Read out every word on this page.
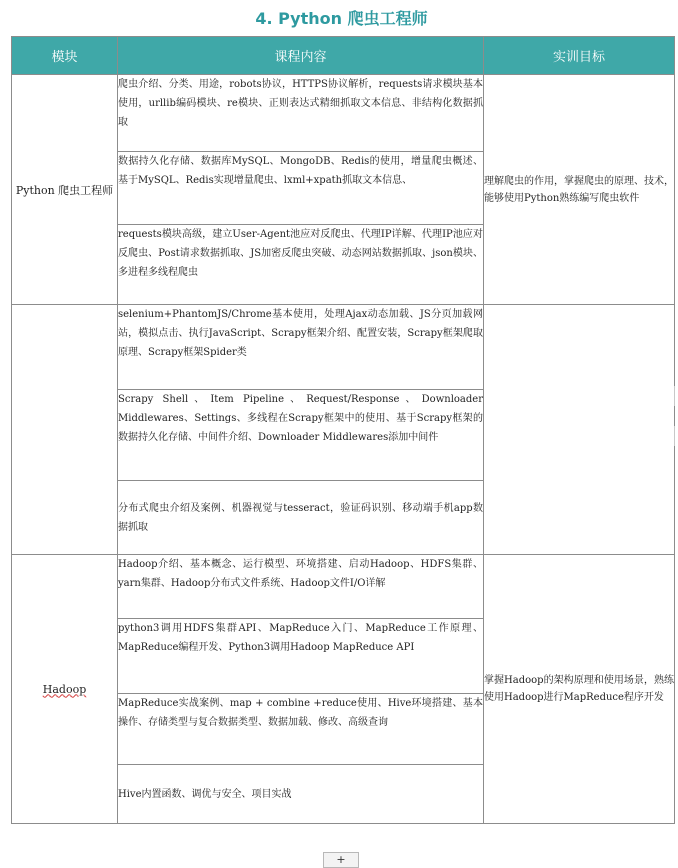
4. Python 爬虫工程师
模块	课程内容	实训目标
Python 爬虫工程师	爬虫介绍、分类、用途，robots协议，HTTPS协议解析，requests请求模块基本使用，urllib编码模块、re模块、正则表达式精细抓取文本信息、非结构化数据抓取	理解爬虫的作用，掌握爬虫的原理、技术，能够使用Python熟练编写爬虫软件
	数据持久化存储、数据库MySQL、MongoDB、Redis的使用，增量爬虫概述、基于MySQL、Redis实现增量爬虫、lxml+xpath抓取文本信息、	
	requests模块高级，建立User-Agent池应对反爬虫、代理IP详解、代理IP池应对反爬虫、Post请求数据抓取、JS加密反爬虫突破、动态网站数据抓取、json模块、多进程多线程爬虫	
	selenium+PhantomJS/Chrome基本使用，处理Ajax动态加载、JS分页加载网站，模拟点击、执行JavaScript、Scrapy框架介绍、配置安装，Scrapy框架爬取原理、Scrapy框架Spider类	
	Scrapy Shell、Item Pipeline、Request/Response、Downloader Middlewares、Settings、多线程在Scrapy框架中的使用、基于Scrapy框架的数据持久化存储、中间件介绍、Downloader Middlewares添加中间件	
	分布式爬虫介绍及案例、机器视觉与tesseract，验证码识别、移动端手机app数据抓取	
Hadoop	Hadoop介绍、基本概念、运行模型、环境搭建、启动Hadoop、HDFS集群、yarn集群、Hadoop分布式文件系统、Hadoop文件I/O详解	掌握Hadoop的架构原理和使用场景，熟练使用Hadoop进行MapReduce程序开发
	python3调用HDFS集群API、MapReduce入门、MapReduce工作原理、MapReduce编程开发、Python3调用Hadoop MapReduce API	
	MapReduce实战案例、map + combine +reduce使用、Hive环境搭建、基本操作、存储类型与复合数据类型、数据加载、修改、高级查询	
	Hive内置函数、调优与安全、项目实战	
+
